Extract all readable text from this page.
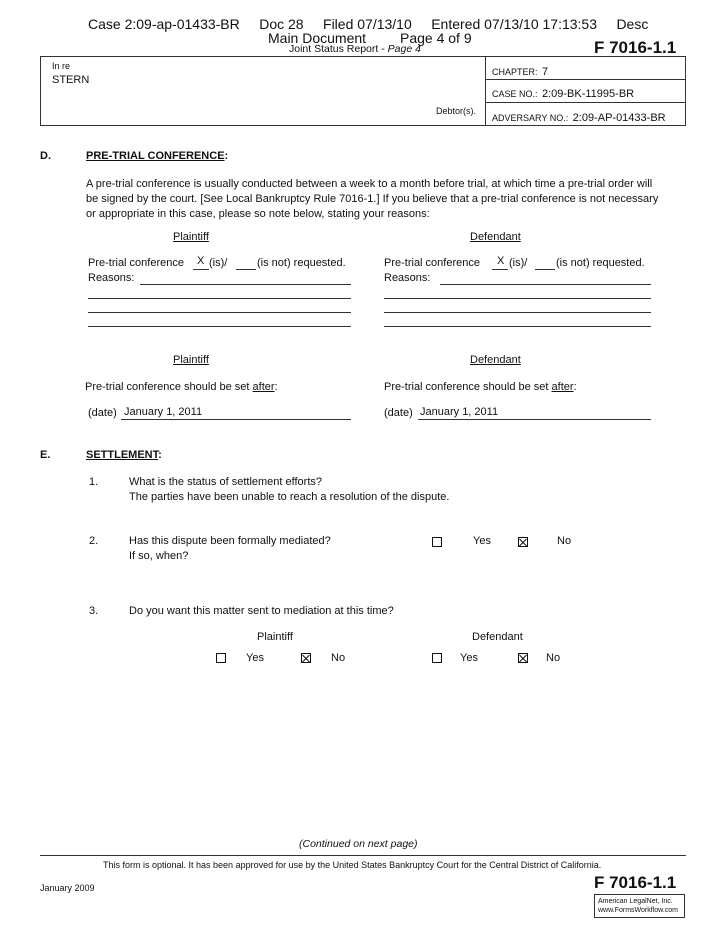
Case 2:09-ap-01433-BR     Doc 28     Filed 07/13/10     Entered 07/13/10 17:13:53     Desc
Main Document Page 4 of 9
Joint Status Report - Page 4	F 7016-1.1
In re
STERN
Debtor(s).
CHAPTER: 7
CASE NO.: 2:09-BK-11995-BR
ADVERSARY NO.: 2:09-AP-01433-BR
D.	PRE-TRIAL CONFERENCE:
A pre-trial conference is usually conducted between a week to a month before trial, at which time a pre-trial order will
be signed by the court. [See Local Bankruptcy Rule 7016-1.] If you believe that a pre-trial conference is not necessary
or appropriate in this case, please so note below, stating your reasons:
Plaintiff	Defendant
Pre-trial conference X (is)/	(is not) requested.
Reasons:
Pre-trial conference X (is)/	(is not) requested.
Reasons:
Plaintiff	Defendant
Pre-trial conference should be set after:	Pre-trial conference should be set after:
(date) January 1, 2011	(date) January 1, 2011
E.	SETTLEMENT:
1.	What is the status of settlement efforts?
The parties have been unable to reach a resolution of the dispute.
2.	Has this dispute been formally mediated?
If so, when?
Yes	No
3.	Do you want this matter sent to mediation at this time?
Plaintiff	Defendant
Yes	No	Yes	No
(Continued on next page)
This form is optional. It has been approved for use by the United States Bankruptcy Court for the Central District of California.
January 2009	F 7016-1.1
American LegalNet, Inc.
www.FormsWorkflow.com
